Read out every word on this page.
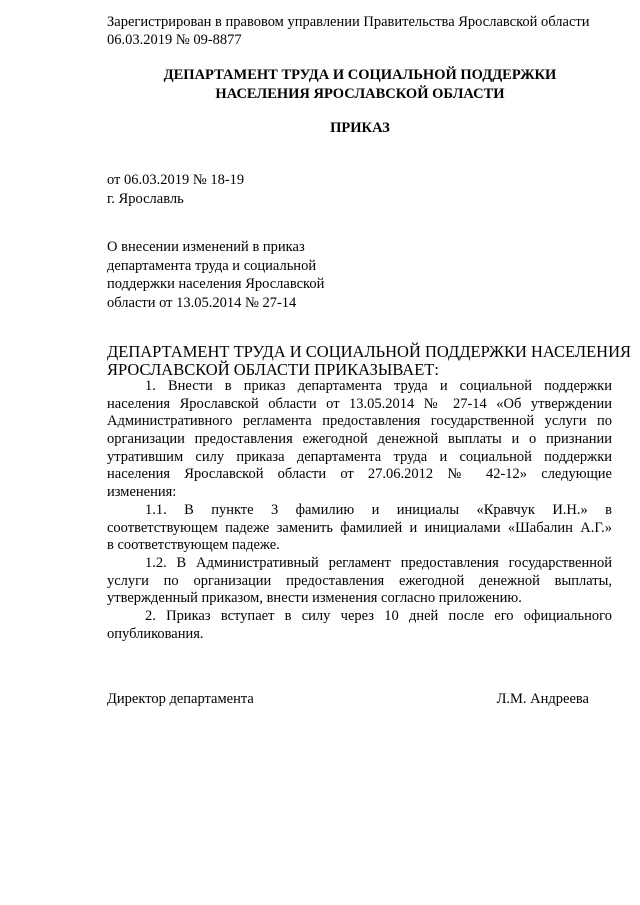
Зарегистрирован в правовом управлении Правительства Ярославской области
06.03.2019 № 09-8877
ДЕПАРТАМЕНТ ТРУДА И СОЦИАЛЬНОЙ ПОДДЕРЖКИ
НАСЕЛЕНИЯ ЯРОСЛАВСКОЙ ОБЛАСТИ
ПРИКАЗ
от 06.03.2019 № 18-19
г. Ярославль
О внесении изменений в приказ
департамента труда и социальной
поддержки населения Ярославской
области от 13.05.2014 № 27-14
ДЕПАРТАМЕНТ ТРУДА И СОЦИАЛЬНОЙ ПОДДЕРЖКИ НАСЕЛЕНИЯ
ЯРОСЛАВСКОЙ ОБЛАСТИ ПРИКАЗЫВАЕТ:
1. Внести в приказ департамента труда и социальной поддержки
населения Ярославской области от 13.05.2014 № 27-14 «Об утверждении
Административного регламента предоставления государственной услуги по
организации предоставления ежегодной денежной выплаты и о признании
утратившим силу приказа департамента труда и социальной поддержки
населения Ярославской области от 27.06.2012 № 42-12» следующие
изменения:
1.1. В пункте 3 фамилию и инициалы «Кравчук И.Н.» в
соответствующем падеже заменить фамилией и инициалами «Шабалин А.Г.»
в соответствующем падеже.
1.2. В Административный регламент предоставления государственной
услуги по организации предоставления ежегодной денежной выплаты,
утвержденный приказом, внести изменения согласно приложению.
2. Приказ вступает в силу через 10 дней после его официального
опубликования.
Директор департамента	Л.М. Андреева
